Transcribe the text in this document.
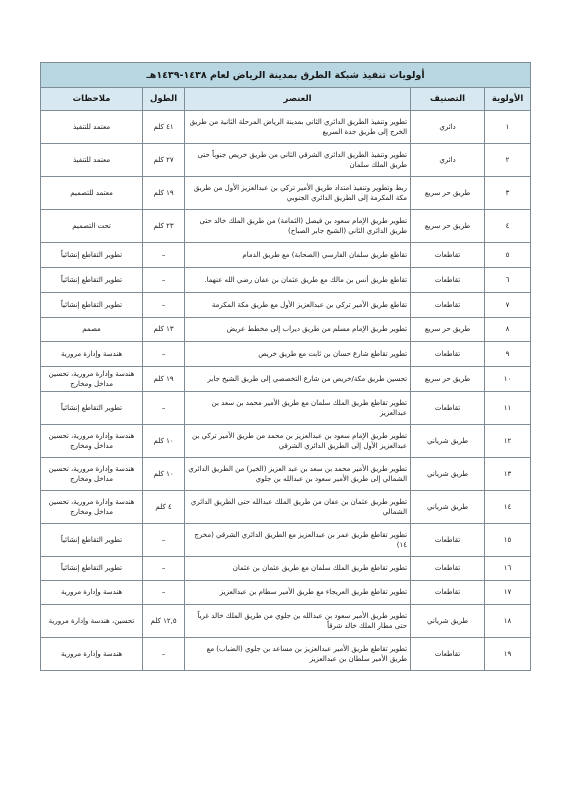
أولويات تنفيذ شبكة الطرق بمدينة الرياض لعام ١٤٣٨-١٤٣٩هـ				
الأولوية	التصنيف	العنصر	الطول	ملاحظات
١	دائري	تطوير وتنفيذ الطريق الدائري الثاني بمدينة الرياض المرحلة الثانية من طريق الخرج إلى طريق جدة السريع	٤١ كلم	معتمد للتنفيذ
٢	دائري	تطوير وتنفيذ الطريق الدائري الشرقي الثاني من طريق خريص جنوباً حتى طريق الملك سلمان	٢٧ كلم	معتمد للتنفيذ
٣	طريق حر سريع	ربط وتطوير وتنفيذ امتداد طريق الأمير تركي بن عبدالعزيز الأول من طريق مكة المكرمة إلى الطريق الدائري الجنوبي	١٩ كلم	معتمد للتصميم
٤	طريق حر سريع	تطوير طريق الإمام سعود بن فيصل (الثمامة) من طريق الملك خالد حتى طريق الدائري الثاني (الشيخ جابر الصباح)	٢٣ كلم	تحت التصميم
٥	تقاطعات	تقاطع طريق سلمان الفارسي (الصحابة) مع طريق الدمام	–	تطوير التقاطع إنشائياً
٦	تقاطعات	تقاطع طريق أنس بن مالك مع طريق عثمان بن عفان رضي الله عنهما.	–	تطوير التقاطع إنشائياً
٧	تقاطعات	تقاطع طريق الأمير تركي بن عبدالعزيز الأول مع طريق مكة المكرمة	–	تطوير التقاطع إنشائياً
٨	طريق حر سريع	تطوير طريق الإمام مسلم من طريق ديراب إلى مخطط عريض	١٣ كلم	مصمم
٩	تقاطعات	تطوير تقاطع شارع حسان بن ثابت مع طريق خريص	–	هندسة وإدارة مرورية
١٠	طريق حر سريع	تحسين طريق مكة/خريص من شارع التخصصي إلى طريق الشيخ جابر	١٩ كلم	هندسة وإدارة مرورية، تحسين مداخل ومخارج
١١	تقاطعات	تطوير تقاطع طريق الملك سلمان مع طريق الأمير محمد بن سعد بن عبدالعزيز	–	تطوير التقاطع إنشائياً
١٢	طريق شرياني	تطوير طريق الإمام سعود بن عبدالعزيز بن محمد من طريق الأمير تركي بن عبدالعزيز الأول إلى الطريق الدائري الشرقي	١٠ كلم	هندسة وإدارة مرورية، تحسين مداخل ومخارج
١٣	طريق شرياني	تطوير طريق الأمير محمد بن سعد بن عبد العزيز (الخير) من الطريق الدائري الشمالي إلى طريق الأمير سعود بن عبدالله بن جلوي	١٠ كلم	هندسة وإدارة مرورية، تحسين مداخل ومخارج
١٤	طريق شرياني	تطوير طريق عثمان بن عفان من طريق الملك عبدالله حتى الطريق الدائري الشمالي	٤ كلم	هندسة وإدارة مرورية، تحسين مداخل ومخارج
١٥	تقاطعات	تطوير تقاطع طريق عمر بن عبدالعزيز مع الطريق الدائري الشرقي (مخرج ١٤)	–	تطوير التقاطع إنشائياً
١٦	تقاطعات	تطوير تقاطع طريق الملك سلمان مع طريق عثمان بن عثمان	–	تطوير التقاطع إنشائياً
١٧	تقاطعات	تطوير تقاطع طريق العريجاء مع طريق الأمير سطام بن عبدالعزيز	–	هندسة وإدارة مرورية
١٨	طريق شرياني	تطوير طريق الأمير سعود بن عبدالله بن جلوي من طريق الملك خالد غرباً حتى مطار الملك خالد شرقاً	١٢,٥ كلم	تحسين، هندسة وإدارة مرورية
١٩	تقاطعات	تطوير تقاطع طريق الأمير عبدالعزيز بن مساعد بن جلوي (الضباب) مع طريق الأمير سلطان بن عبدالعزيز	–	هندسة وإدارة مرورية
